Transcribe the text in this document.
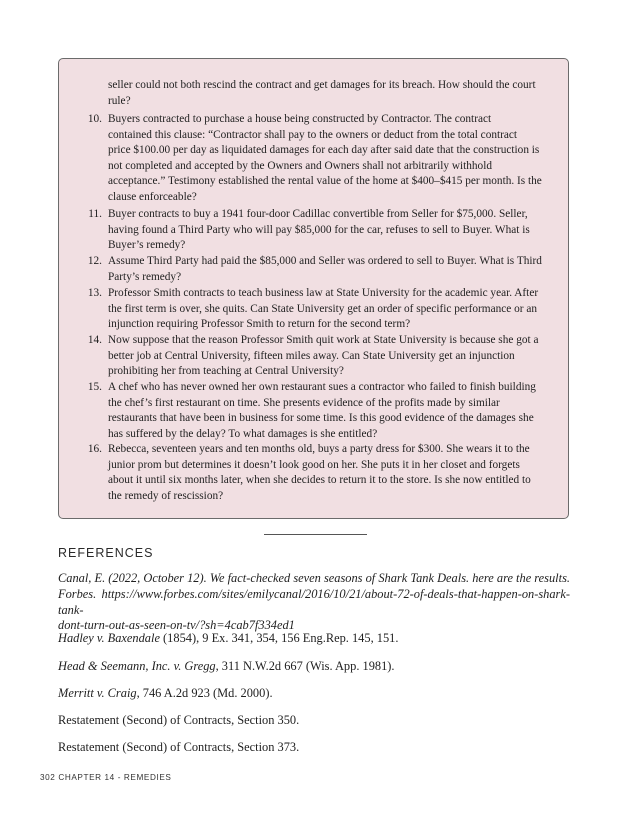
seller could not both rescind the contract and get damages for its breach. How should the court
rule?
10. Buyers contracted to purchase a house being constructed by Contractor. The contract
contained this clause: “Contractor shall pay to the owners or deduct from the total contract
price $100.00 per day as liquidated damages for each day after said date that the construction is
not completed and accepted by the Owners and Owners shall not arbitrarily withhold
acceptance.” Testimony established the rental value of the home at $400–$415 per month. Is the
clause enforceable?
11. Buyer contracts to buy a 1941 four-door Cadillac convertible from Seller for $75,000. Seller,
having found a Third Party who will pay $85,000 for the car, refuses to sell to Buyer. What is
Buyer’s remedy?
12. Assume Third Party had paid the $85,000 and Seller was ordered to sell to Buyer. What is Third
Party’s remedy?
13. Professor Smith contracts to teach business law at State University for the academic year. After
the first term is over, she quits. Can State University get an order of specific performance or an
injunction requiring Professor Smith to return for the second term?
14. Now suppose that the reason Professor Smith quit work at State University is because she got a
better job at Central University, fifteen miles away. Can State University get an injunction
prohibiting her from teaching at Central University?
15. A chef who has never owned her own restaurant sues a contractor who failed to finish building
the chef’s first restaurant on time. She presents evidence of the profits made by similar
restaurants that have been in business for some time. Is this good evidence of the damages she
has suffered by the delay? To what damages is she entitled?
16. Rebecca, seventeen years and ten months old, buys a party dress for $300. She wears it to the
junior prom but determines it doesn’t look good on her. She puts it in her closet and forgets
about it until six months later, when she decides to return it to the store. Is she now entitled to
the remedy of rescission?
REFERENCES
Canal, E. (2022, October 12). We fact-checked seven seasons of Shark Tank Deals. here are the results.
Forbes. https://www.forbes.com/sites/emilycanal/2016/10/21/about-72-of-deals-that-happen-on-shark-tank-
dont-turn-out-as-seen-on-tv/?sh=4cab7f334ed1
Hadley v. Baxendale (1854), 9 Ex. 341, 354, 156 Eng.Rep. 145, 151.
Head & Seemann, Inc. v. Gregg, 311 N.W.2d 667 (Wis. App. 1981).
Merritt v. Craig, 746 A.2d 923 (Md. 2000).
Restatement (Second) of Contracts, Section 350.
Restatement (Second) of Contracts, Section 373.
302 CHAPTER 14 - REMEDIES
